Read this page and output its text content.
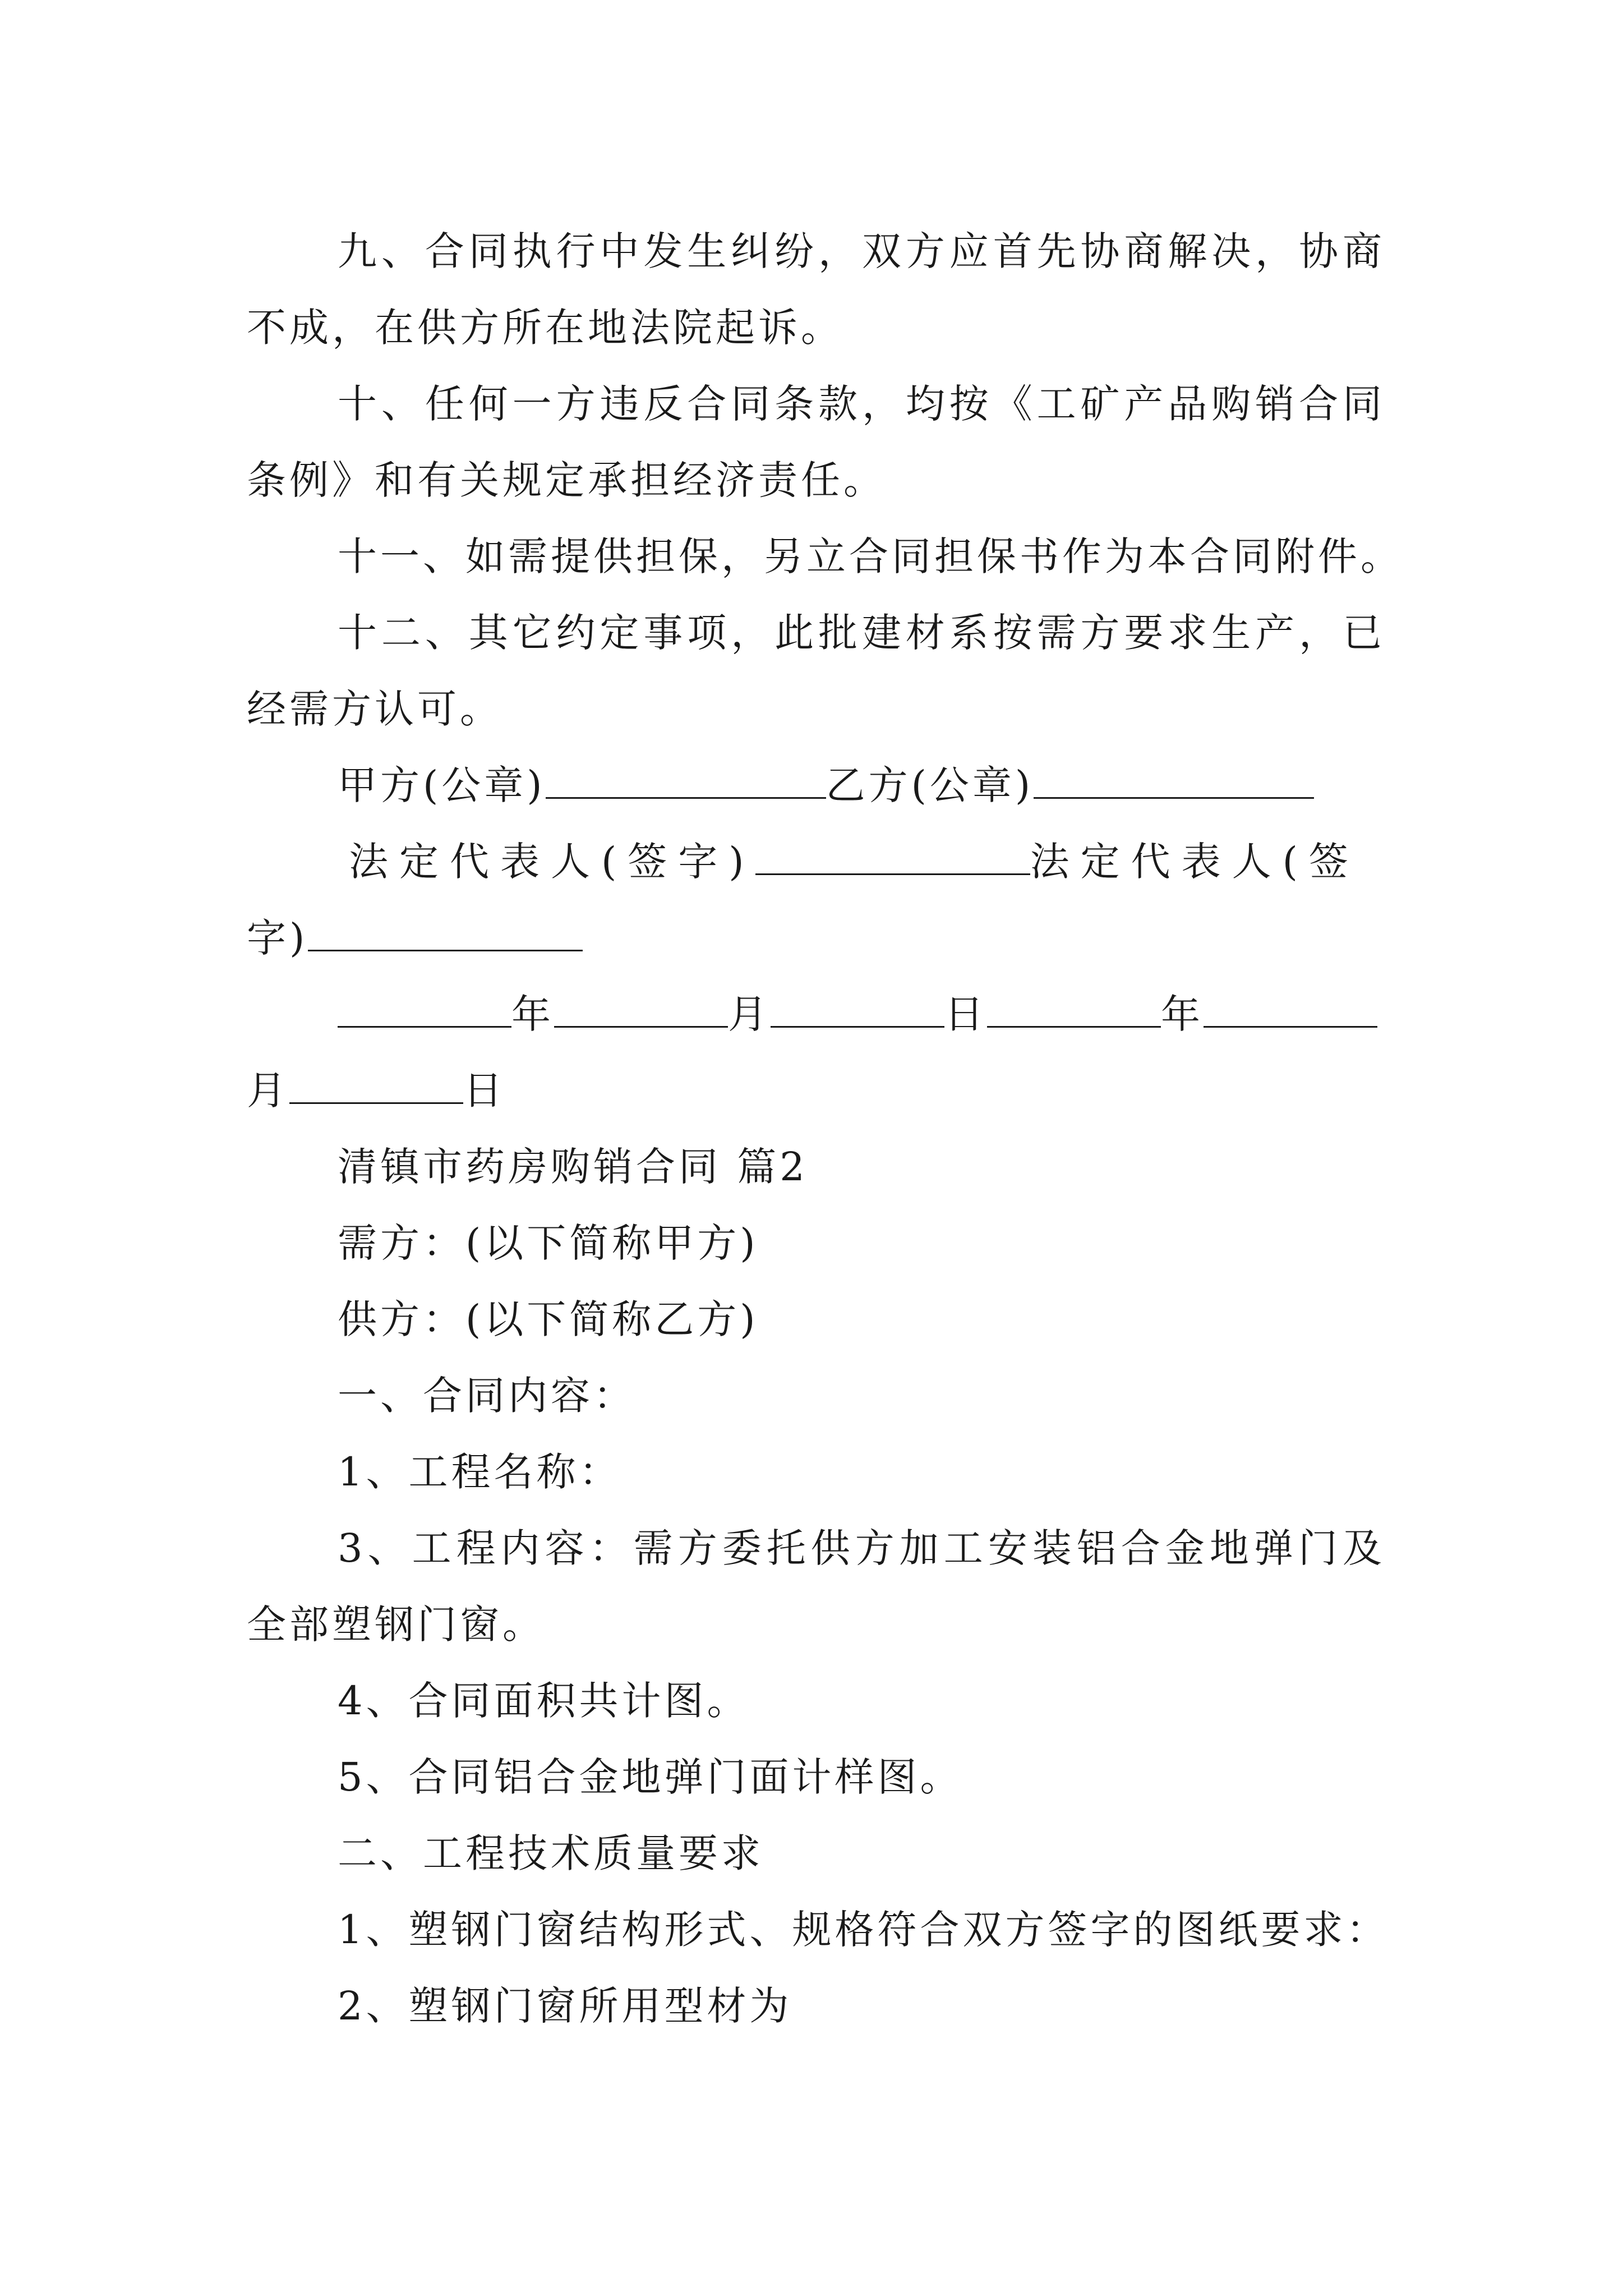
九、合同执行中发生纠纷，双方应首先协商解决，协商
不成，在供方所在地法院起诉。
十、任何一方违反合同条款，均按《工矿产品购销合同
条例》和有关规定承担经济责任。
十一、如需提供担保，另立合同担保书作为本合同附件。
十二、其它约定事项，此批建材系按需方要求生产，已
经需方认可。
甲方(公章)	乙方(公章)
法定代表人(签字)	法定代表人(签
字)
年	月	日	年
月	日
清镇市药房购销合同 篇2
需方：(以下简称甲方)
供方：(以下简称乙方)
一、合同内容：
1、工程名称：
3、工程内容：需方委托供方加工安装铝合金地弹门及
全部塑钢门窗。
4、合同面积共计图。
5、合同铝合金地弹门面计样图。
二、工程技术质量要求
1、塑钢门窗结构形式、规格符合双方签字的图纸要求：
2、塑钢门窗所用型材为
